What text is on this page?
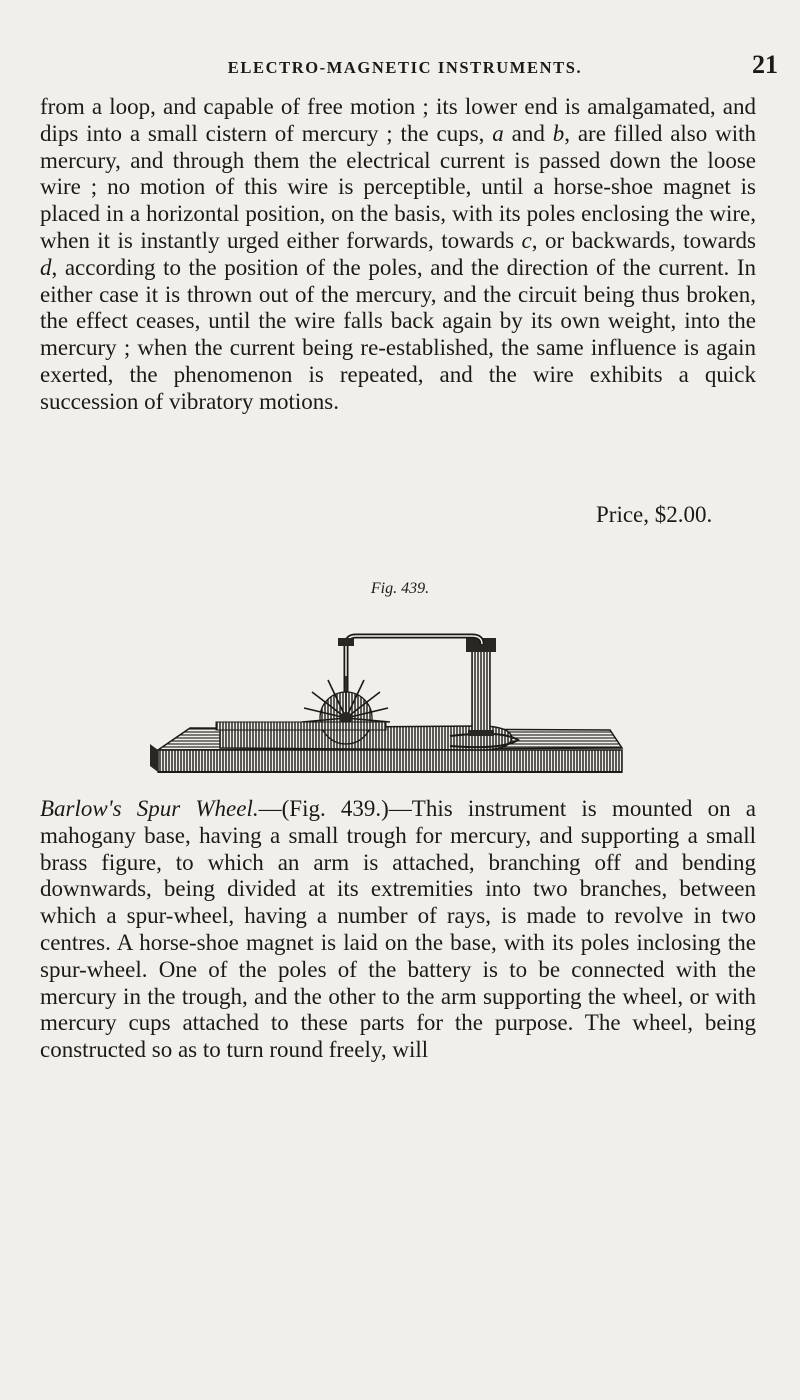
ELECTRO-MAGNETIC INSTRUMENTS.	21

from a loop, and capable of free motion ; its lower end is amalgamated, and dips into a small cistern of mercury ; the cups, a and b, are filled also with mercury, and through them the electrical current is passed down the loose wire ; no motion of this wire is perceptible, until a horse-shoe magnet is placed in a horizontal position, on the basis, with its poles enclosing the wire, when it is instantly urged either forwards, towards c, or backwards, towards d, according to the position of the poles, and the direction of the current. In either case it is thrown out of the mercury, and the circuit being thus broken, the effect ceases, until the wire falls back again by its own weight, into the mercury ; when the current being re-established, the same influence is again exerted, the phenomenon is repeated, and the wire exhibits a quick succession of vibratory motions.

Price, $2.00.
Fig. 439.

Barlow's Spur Wheel.—(Fig. 439.)—This instrument is mounted on a mahogany base, having a small trough for mercury, and supporting a small brass figure, to which an arm is attached, branching off and bending downwards, being divided at its extremities into two branches, between which a spur-wheel, having a number of rays, is made to revolve in two centres. A horse-shoe magnet is laid on the base, with its poles inclosing the spur-wheel. One of the poles of the battery is to be connected with the mercury in the trough, and the other to the arm supporting the wheel, or with mercury cups attached to these parts for the purpose. The wheel, being constructed so as to turn round freely, will
